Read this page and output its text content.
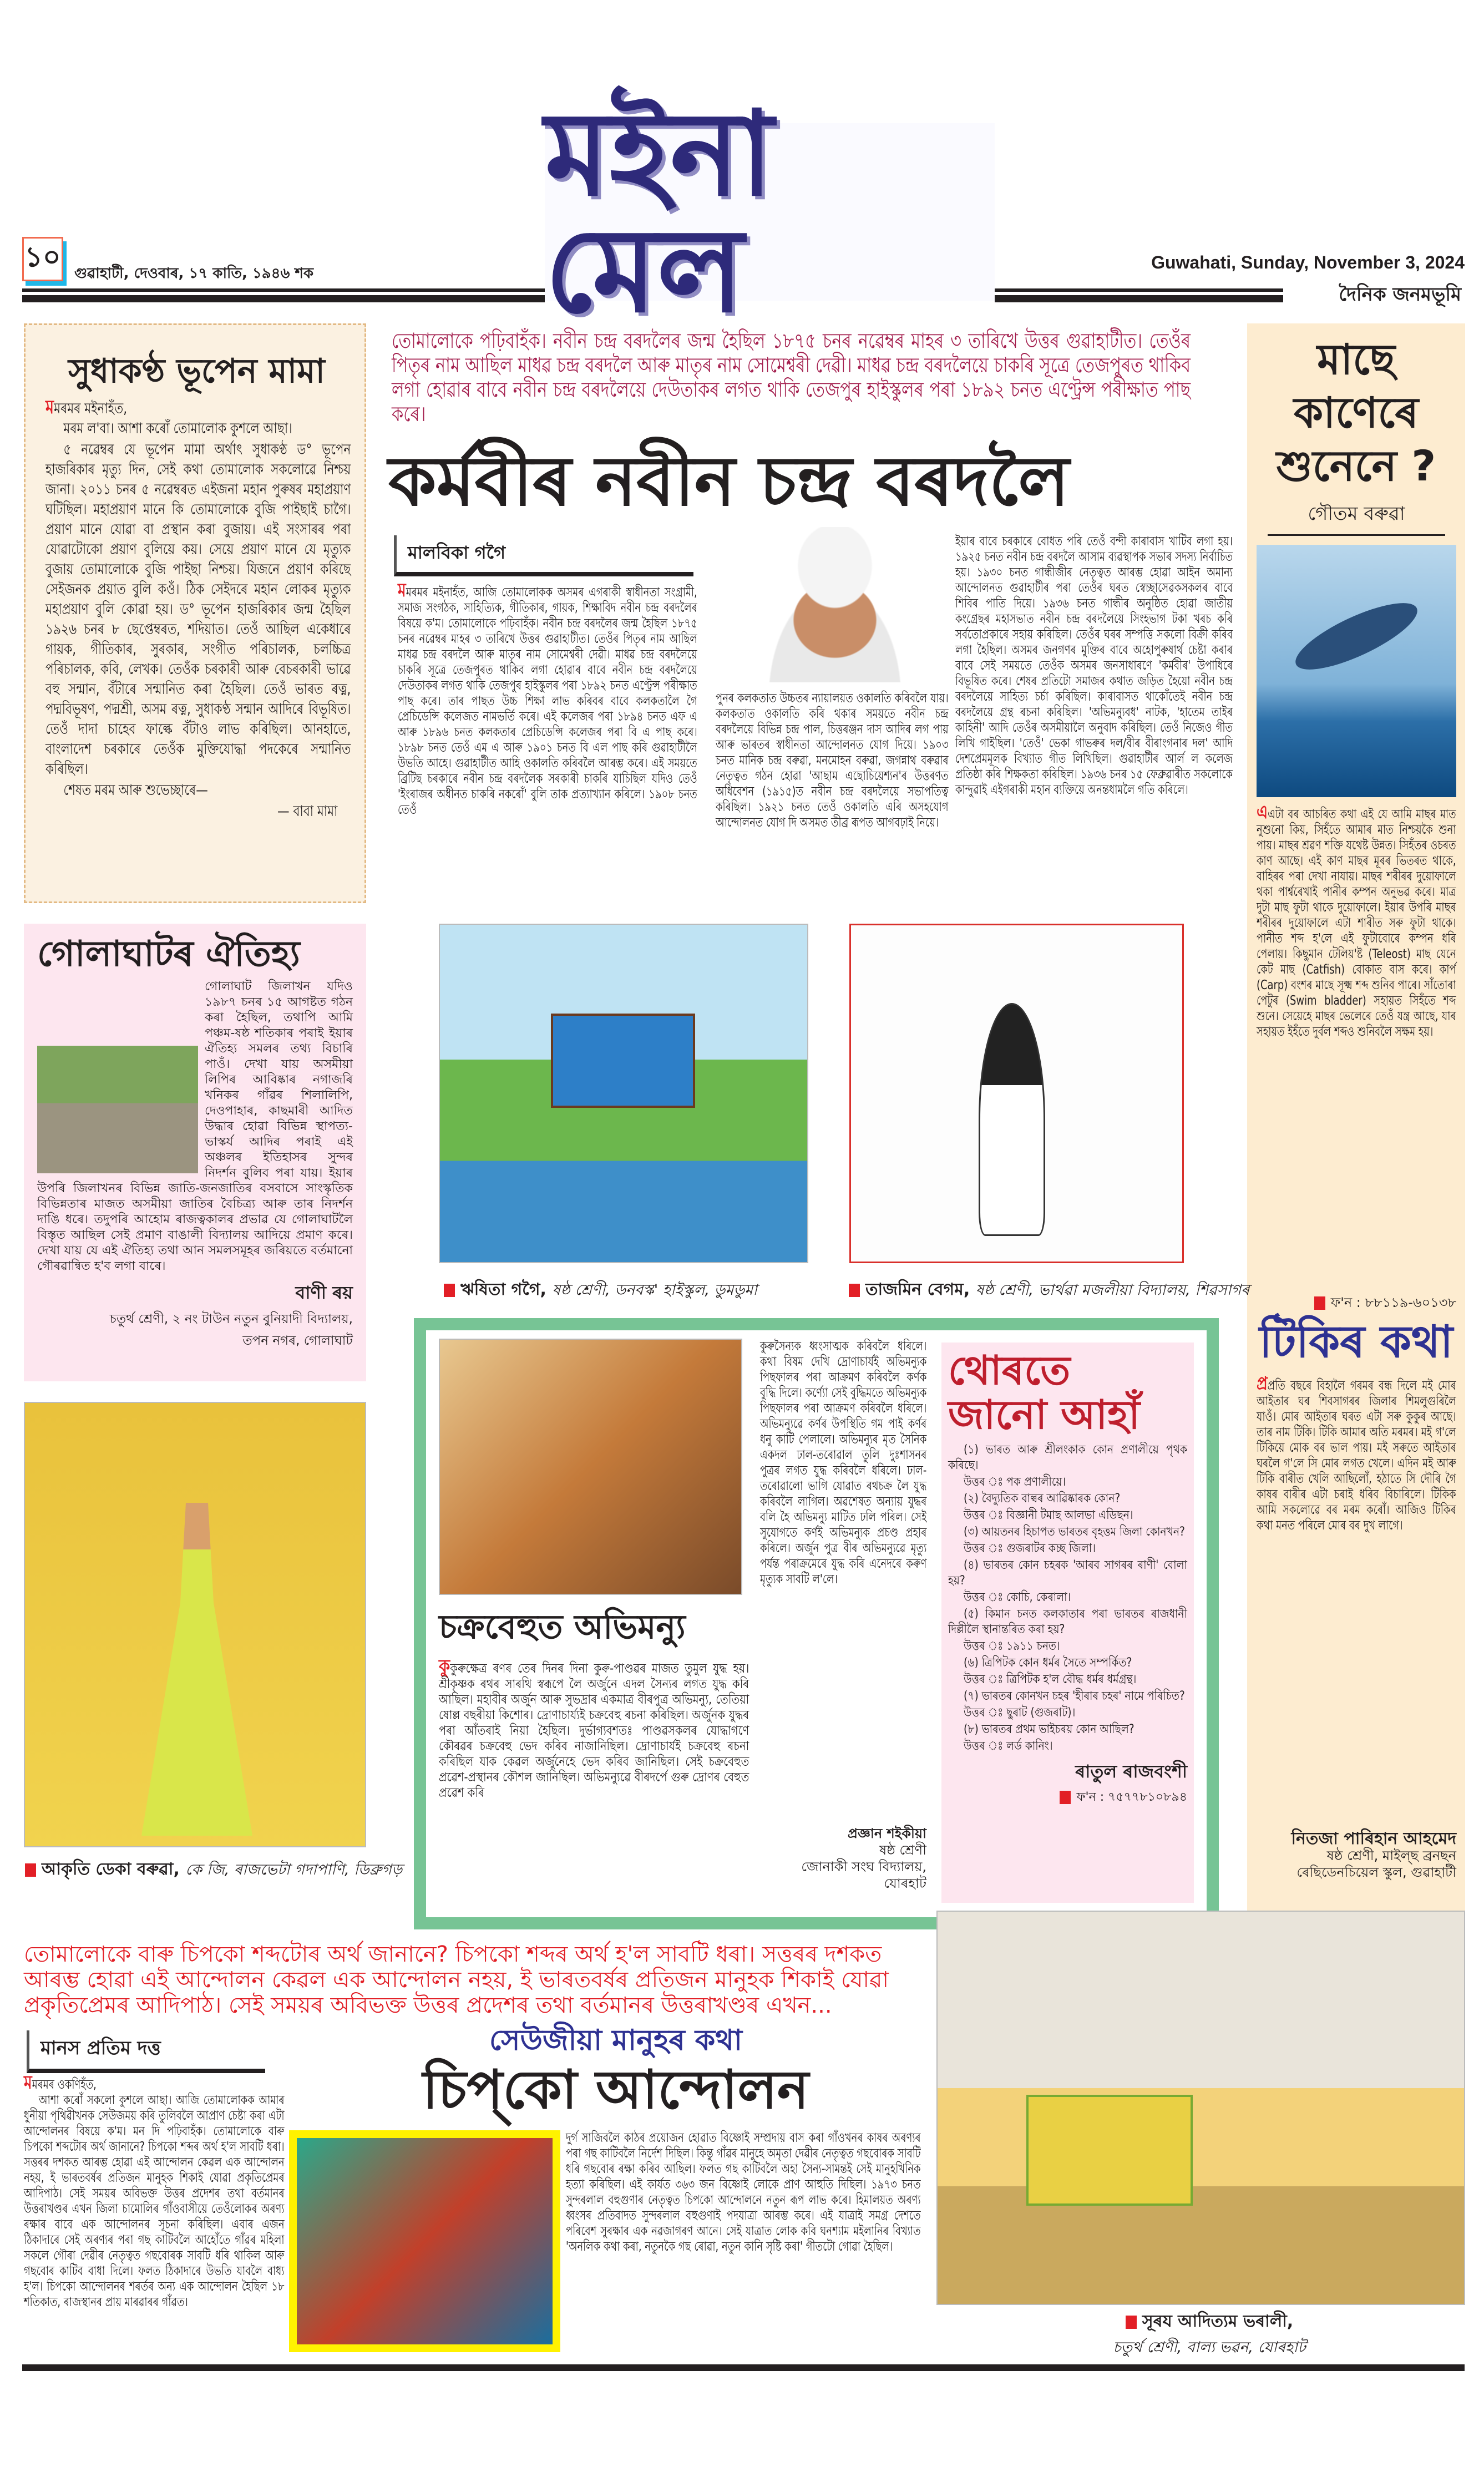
মইনা মেল
১০
গুৱাহাটী, দেওবাৰ, ১৭ কাতি, ১৯৪৬ শক
Guwahati, Sunday, November 3, 2024
দৈনিক জনমভূমি
সুধাকণ্ঠ ভূপেন মামা
মমৰমৰ মইনাহঁত,

মৰম ল'বা। আশা কৰোঁ তোমালোক কুশলে আছা।

৫ নৱেম্বৰ যে ভূপেন মামা অৰ্থাৎ সুধাকণ্ঠ ড° ভূপেন হাজৰিকাৰ মৃত্যু দিন, সেই কথা তোমালোক সকলোৱে নিশ্চয় জানা। ২০১১ চনৰ ৫ নৱেম্বৰত এইজনা মহান পুৰুষৰ মহাপ্ৰয়াণ ঘটিছিল। মহাপ্ৰয়াণ মানে কি তোমালোকে বুজি পাইছাই চাগৈ। প্ৰয়াণ মানে যোৱা বা প্ৰস্থান কৰা বুজায়। এই সংসাৰৰ পৰা যোৱাটোকো প্ৰয়াণ বুলিয়ে কয়। সেয়ে প্ৰয়াণ মানে যে মৃত্যুক বুজায় তোমালোকে বুজি পাইছা নিশ্চয়। যিজনে প্ৰয়াণ কৰিছে সেইজনক প্ৰয়াত বুলি কওঁ। ঠিক সেইদৰে মহান লোকৰ মৃত্যুক মহাপ্ৰয়াণ বুলি কোৱা হয়। ড° ভূপেন হাজৰিকাৰ জন্ম হৈছিল ১৯২৬ চনৰ ৮ ছেপ্তেম্বৰত, শদিয়াত। তেওঁ আছিল একেধাৰে গায়ক, গীতিকাৰ, সুৰকাৰ, সংগীত পৰিচালক, চলচ্চিত্ৰ পৰিচালক, কবি, লেখক। তেওঁক চৰকাৰী আৰু বেচৰকাৰী ভাৱে বহু সন্মান, বঁটাৰে সন্মানিত কৰা হৈছিল। তেওঁ ভাৰত ৰত্ন, পদ্মবিভূষণ, পদ্মশ্ৰী, অসম ৰত্ন, সুধাকণ্ঠ সন্মান আদিৰে বিভূষিত। তেওঁ দাদা চাহেব ফাল্কে বঁটাও লাভ কৰিছিল। আনহাতে, বাংলাদেশ চৰকাৰে তেওঁক মুক্তিযোদ্ধা পদকেৰে সন্মানিত কৰিছিল।

শেষত মৰম আৰু শুভেচ্ছাৰে—

— বাবা মামা
তোমালোকে পঢ়িবাহঁক। নবীন চন্দ্ৰ বৰদলৈৰ জন্ম হৈছিল ১৮৭৫ চনৰ নৱেম্বৰ মাহৰ ৩ তাৰিখে উত্তৰ গুৱাহাটীত। তেওঁৰ পিতৃৰ নাম আছিল মাধৱ চন্দ্ৰ বৰদলৈ আৰু মাতৃৰ নাম সোমেশ্বৰী দেৱী। মাধৱ চন্দ্ৰ বৰদলৈয়ে চাকৰি সূত্ৰে তেজপুৰত থাকিব লগা হোৱাৰ বাবে নবীন চন্দ্ৰ বৰদলৈয়ে দেউতাকৰ লগত থাকি তেজপুৰ হাইস্কুলৰ পৰা ১৮৯২ চনত এণ্ট্ৰেন্স পৰীক্ষাত পাছ কৰে।
কৰ্মবীৰ নবীন চন্দ্ৰ বৰদলৈ
মালবিকা গগৈ
মমৰমৰ মইনাহঁত, আজি তোমালোকক অসমৰ এগৰাকী স্বাধীনতা সংগ্ৰামী, সমাজ সংগঠক, সাহিত্যিক, গীতিকাৰ, গায়ক, শিক্ষাবিদ নবীন চন্দ্ৰ বৰদলৈৰ বিষয়ে ক'ম। তোমালোকে পঢ়িবাহঁক। নবীন চন্দ্ৰ বৰদলৈৰ জন্ম হৈছিল ১৮৭৫ চনৰ নৱেম্বৰ মাহৰ ৩ তাৰিখে উত্তৰ গুৱাহাটীত। তেওঁৰ পিতৃৰ নাম আছিল মাধৱ চন্দ্ৰ বৰদলৈ আৰু মাতৃৰ নাম সোমেশ্বৰী দেৱী। মাধৱ চন্দ্ৰ বৰদলৈয়ে চাকৰি সূত্ৰে তেজপুৰত থাকিব লগা হোৱাৰ বাবে নবীন চন্দ্ৰ বৰদলৈয়ে দেউতাকৰ লগত থাকি তেজপুৰ হাইস্কুলৰ পৰা ১৮৯২ চনত এণ্ট্ৰেন্স পৰীক্ষাত পাছ কৰে। তাৰ পাছত উচ্চ শিক্ষা লাভ কৰিবৰ বাবে কলকতালৈ গৈ প্ৰেচিডেন্সি কলেজত নামভৰ্তি কৰে। এই কলেজৰ পৰা ১৮৯৪ চনত এফ এ আৰু ১৮৯৬ চনত কলকতাৰ প্ৰেচিডেন্সি কলেজৰ পৰা বি এ পাছ কৰে। ১৮৯৮ চনত তেওঁ এম এ আৰু ১৯০১ চনত বি এল পাছ কৰি গুৱাহাটীলৈ উভতি আহে। গুৱাহাটীত আহি ওকালতি কৰিবলৈ আৰম্ভ কৰে। এই সময়তে ব্ৰিটিছ চৰকাৰে নবীন চন্দ্ৰ বৰদলৈক সৰকাৰী চাকৰি যাচিছিল যদিও তেওঁ 'ইংৰাজৰ অধীনত চাকৰি নকৰোঁ' বুলি তাক প্ৰত্যাখ্যান কৰিলে। ১৯০৮ চনত তেওঁ
পুনৰ কলকতাত উচ্চতৰ ন্যায়ালয়ত ওকালতি কৰিবলৈ যায়। কলকতাত ওকালতি কৰি থকাৰ সময়তে নবীন চন্দ্ৰ বৰদলৈয়ে বিভিন্ন চন্দ্ৰ পাল, চিত্তৰঞ্জন দাস আদিৰ লগ পায় আৰু ভাৰতৰ স্বাধীনতা আন্দোলনত যোগ দিয়ে। ১৯০৩ চনত মানিক চন্দ্ৰ বৰুৱা, মনমোহন বৰুৱা, জগন্নাথ বৰুৱাৰ নেতৃত্বত গঠন হোৱা 'আছাম এছোচিয়েশ্যন'ৰ উত্তৰণত অধিবেশন (১৯১৫)ত নবীন চন্দ্ৰ বৰদলৈয়ে সভাপতিত্ব কৰিছিল। ১৯২১ চনত তেওঁ ওকালতি এৰি অসহযোগ আন্দোলনত যোগ দি অসমত তীব্ৰ ৰূপত আগবঢ়াই নিয়ে।
ইয়াৰ বাবে চৰকাৰে বোধত পৰি তেওঁ বন্দী কাৰাবাস খাটিব লগা হয়। ১৯২৫ চনত নবীন চন্দ্ৰ বৰদলৈ আসাম ব্যৱস্থাপক সভাৰ সদস্য নিৰ্বাচিত হয়। ১৯৩০ চনত গান্ধীজীৰ নেতৃত্বত আৰম্ভ হোৱা আইন অমান্য আন্দোলনত গুৱাহাটীৰ পৰা তেওঁৰ ঘৰত স্বেচ্ছাসেৱকসকলৰ বাবে শিবিৰ পাতি দিয়ে। ১৯৩৬ চনত গান্ধীৰ অনুষ্ঠিত হোৱা জাতীয় কংগ্ৰেছৰ মহাসভাত নবীন চন্দ্ৰ বৰদলৈয়ে সিংহভাগ টকা খৰচ কৰি সৰ্বতোপ্ৰকাৰে সহায় কৰিছিল। তেওঁৰ ঘৰৰ সম্পত্তি সকলো বিক্ৰী কৰিব লগা হৈছিল। অসমৰ জনগণৰ মুক্তিৰ বাবে অহোপুৰুষাৰ্থ চেষ্টা কৰাৰ বাবে সেই সময়তে তেওঁক অসমৰ জনসাধাৰণে 'কৰ্মবীৰ' উপাধিৰে বিভূষিত কৰে। শেষৰ প্ৰতিটো সমাজৰ কথাত জড়িত হৈয়ো নবীন চন্দ্ৰ বৰদলৈয়ে সাহিত্য চৰ্চা কৰিছিল। কাৰাবাসত থাকোঁতেই নবীন চন্দ্ৰ বৰদলৈয়ে গ্ৰন্থ ৰচনা কৰিছিল। 'অভিমন্যুবধ' নাটক, 'হাতেম তাইৰ কাহিনী' আদি তেওঁৰ অসমীয়ালৈ অনুবাদ কৰিছিল। তেওঁ নিজেও গীত লিখি গাইছিল। 'তেওঁ' ভেকা গাভৰুৰ দল/বীৰ বীৰাংগনাৰ দল' আদি দেশপ্ৰেমমূলক বিখ্যাত গীত লিখিছিল। গুৱাহাটীৰ আৰ্ল ল কলেজ প্ৰতিষ্ঠা কৰি শিক্ষকতা কৰিছিল। ১৯৩৬ চনৰ ১৫ ফেব্ৰুৱাৰীত সকলোকে কান্দুৱাই এইগৰাকী মহান ব্যক্তিয়ে অনন্তধামলৈ গতি কৰিলে।
মাছে
কাণেৰে
শুনেনে ?
গৌতম বৰুৱা
এএটা বৰ আচৰিত কথা এই যে আমি মাছৰ মাত নুশুনো কিয়, সিহঁতে আমাৰ মাত নিশ্চয়কৈ শুনা পায়। মাছৰ শ্ৰৱণ শক্তি যথেষ্ট উন্নত। সিহঁতৰ ওচৰত কাণ আছে। এই কাণ মাছৰ মূৰৰ ভিতৰত থাকে, বাহিৰৰ পৰা দেখা নাযায়। মাছৰ শৰীৰৰ দুয়োফালে থকা পাৰ্শ্বৰেখাই পানীৰ কম্পন অনুভৱ কৰে। মাত্ৰ দুটা মাছ ফুটা থাকে দুয়োফালে। ইয়াৰ উপৰি মাছৰ শৰীৰৰ দুয়োফালে এটা শাৰীত সৰু ফুটা থাকে। পানীত শব্দ হ'লে এই ফুটাবোৰে কম্পন ধৰি পেলায়। কিছুমান টেলিয়'ষ্ট (Teleost) মাছ যেনে কেট মাছ (Catfish) বোকাত বাস কৰে। কাৰ্প (Carp) বংশৰ মাছে সূক্ষ্ম শব্দ শুনিব পাৰে। সাঁতোৰা পেটুৰ (Swim bladder) সহায়ত সিহঁতে শব্দ শুনে। সেয়েহে মাছৰ ভেলেৰে তেওঁ যন্ত্ৰ আছে, যাৰ সহায়ত ইহঁতে দুৰ্বল শব্দও শুনিবলৈ সক্ষম হয়।
ফ'ন : ৮৮১১৯-৬০১৩৮
টিকিৰ কথা
প্ৰপ্ৰতি বছৰে বিহালৈ গৰমৰ বন্ধ দিলে মই মোৰ আইতাৰ ঘৰ শিবসাগৰৰ জিলাৰ শিমলুগুৰিলৈ যাওঁ। মোৰ আইতাৰ ঘৰত এটা সৰু কুকুৰ আছে। তাৰ নাম টিকি। টিকি আমাৰ অতি মৰমৰ। মই গ'লে টিকিয়ে মোক বৰ ভাল পায়। মই সৰুতে আইতাৰ ঘৰলৈ গ'লে সি মোৰ লগত খেলে। এদিন মই আৰু টিকি বাৰীত খেলি আছিলোঁ, হঠাতে সি দৌৰি গৈ কাষৰ বাৰীৰ এটা চৰাই ধৰিব বিচাৰিলে। টিকিক আমি সকলোৱে বৰ মৰম কৰোঁ। আজিও টিকিৰ কথা মনত পৰিলে মোৰ বৰ দুখ লাগে।
নিতজা পাৰিহান আহমেদ
ষষ্ঠ শ্ৰেণী, মাইল্‌ছ ব্ৰনছন ৰেছিডেনচিয়েল স্কুল, গুৱাহাটী
গোলাঘাটৰ ঐতিহ্য
গোলাঘাট জিলাখন যদিও ১৯৮৭ চনৰ ১৫ আগষ্টত গঠন কৰা হৈছিল, তথাপি আমি পঞ্চম-ষষ্ঠ শতিকাৰ পৰাই ইয়াৰ ঐতিহ্য সমলৰ তথ্য বিচাৰি পাওঁ। দেখা যায় অসমীয়া লিপিৰ আবিষ্কাৰ নগাজৰি খনিকৰ গাঁৱৰ শিলালিপি, দেওপাহাৰ, কাছমাৰী আদিত উদ্ধাৰ হোৱা বিভিন্ন স্থাপত্য-ভাস্কৰ্য আদিৰ পৰাই এই অঞ্চলৰ ইতিহাসৰ সুন্দৰ নিদৰ্শন বুলিব পৰা যায়। ইয়াৰ উপৰি জিলাখনৰ বিভিন্ন জাতি-জনজাতিৰ বসবাসে সাংস্কৃতিক বিভিন্নতাৰ মাজত অসমীয়া জাতিৰ বৈচিত্ৰ্য আৰু তাৰ নিদৰ্শন দাঙি ধৰে। তদুপৰি আহোম ৰাজত্বকালৰ প্ৰভাৱ যে গোলাঘাটলৈ বিস্তৃত আছিল সেই প্ৰমাণ বাঙালী বিদ্যালয় আদিয়ে প্ৰমাণ কৰে। দেখা যায় যে এই ঐতিহ্য তথা আন সমলসমূহৰ জৰিয়তে বৰ্তমানো গৌৰৱান্বিত হ'ব লগা বাৰে।
বাণী ৰয়
চতুৰ্থ শ্ৰেণী, ২ নং টাউন নতুন বুনিয়াদী বিদ্যালয়,
তপন নগৰ, গোলাঘাট
ঋষিতা গগৈ, ষষ্ঠ শ্ৰেণী, ডনবস্ক' হাইস্কুল, ডুমডুমা	তাজমিন বেগম, ষষ্ঠ শ্ৰেণী, ভাৰ্থৱা মজলীয়া বিদ্যালয়, শিৱসাগৰ
আকৃতি ডেকা বৰুৱা, কে জি, ৰাজভেটা গদাপাণি, ডিব্ৰুগড়
চক্ৰবেহুত অভিমন্যু
কুকুৰুক্ষেত্ৰ ৰণৰ তেৰ দিনৰ দিনা কুৰু-পাণ্ডৱৰ মাজত তুমুল যুদ্ধ হয়। শ্ৰীকৃষ্ণক ৰথৰ সাৰথি স্বৰূপে লৈ অৰ্জুনে এদল সৈন্যৰ লগত যুদ্ধ কৰি আছিল। মহাবীৰ অৰ্জুন আৰু সুভদ্ৰাৰ একমাত্ৰ বীৰপুত্ৰ অভিমন্যু, তেতিয়া ষোল্ল বছৰীয়া কিশোৰ। দ্ৰোণাচাৰ্য্যই চক্ৰবেহু ৰচনা কৰিছিল। অৰ্জুনক যুদ্ধৰ পৰা আঁতৰাই নিয়া হৈছিল। দুৰ্ভাগ্যবশতঃ পাণ্ডৱসকলৰ যোদ্ধাগণে কৌৰৱৰ চক্ৰবেহু ভেদ কৰিব নাজানিছিল। দ্ৰোণাচাৰ্যই চক্ৰবেহু ৰচনা কৰিছিল যাক কেৱল অৰ্জুনেহে ভেদ কৰিব জানিছিল। সেই চক্ৰবেহুত প্ৰৱেশ-প্ৰস্থানৰ কৌশল জানিছিল। অভিমন্যুৱে বীৰদৰ্পে গুৰু দ্ৰোণৰ বেহুত প্ৰৱেশ কৰি
কুৰুসৈন্যক ধ্বংসাত্মক কৰিবলৈ ধৰিলে। কথা বিষম দেখি দ্ৰোণাচাৰ্যই অভিমন্যুক পিছফালৰ পৰা আক্ৰমণ কৰিবলৈ কৰ্ণক বুদ্ধি দিলে। কৰ্ণ্যো সেই বুদ্ধিমতে অভিমন্যুক পিছফালৰ পৰা আক্ৰমণ কৰিবলৈ ধৰিলে। অভিমন্যুৱে কৰ্ণৰ উপস্থিতি গম পাই কৰ্ণৰ ধনু কাটি পেলালে। অভিমন্যুৰ মৃত সৈনিক একদল ঢাল-তৰোৱাল তুলি দুঃশাসনৰ পুত্ৰৰ লগত যুদ্ধ কৰিবলৈ ধৰিলে। ঢাল-তৰোৱালো ভাগি যোৱাত ৰথচক্ৰ লৈ যুদ্ধ কৰিবলৈ লাগিল। অৱশেষত অন্যায় যুদ্ধৰ বলি হৈ অভিমন্যু মাটিত ঢলি পৰিল। সেই সুযোগতে কৰ্ণই অভিমন্যুক প্ৰচণ্ড প্ৰহাৰ কৰিলে। অৰ্জুন পুত্ৰ বীৰ অভিমন্যুৱে মৃত্যু পৰ্যন্ত পৰাক্ৰমেৰে যুদ্ধ কৰি এনেদৰে কৰুণ মৃত্যুক সাবটি ল'লে।
প্ৰজ্ঞান শইকীয়া
ষষ্ঠ শ্ৰেণী
জোনাকী সংঘ বিদ্যালয়,
যোৰহাট
থোৰতে
জানো আহাঁ

(১) ভাৰত আৰু শ্ৰীলংকাক কোন প্ৰণালীয়ে পৃথক কৰিছে।

উত্তৰ ঃ পক প্ৰণালীয়ে।

(২) বৈদ্যুতিক বাল্বৰ আৱিষ্কাৰক কোন?

উত্তৰ ঃ বিজ্ঞানী টমাছ আলভা এডিছন।

(৩) আয়তনৰ হিচাপত ভাৰতৰ বৃহত্তম জিলা কোনখন?

উত্তৰ ঃ গুজৰাটৰ কচ্ছ জিলা।

(৪) ভাৰতৰ কোন চহৰক 'আৰব সাগৰৰ ৰাণী' বোলা হয়?

উত্তৰ ঃ কোচি, কেৰালা।

(৫) কিমান চনত কলকাতাৰ পৰা ভাৰতৰ ৰাজধানী দিল্লীলৈ স্থানান্তৰিত কৰা হয়?

উত্তৰ ঃ ১৯১১ চনত।

(৬) ত্ৰিপিটক কোন ধৰ্মৰ সৈতে সম্পৰ্কিত?

উত্তৰ ঃ ত্ৰিপিটক হ'ল বৌদ্ধ ধৰ্মৰ ধৰ্মগ্ৰন্থ।

(৭) ভাৰতৰ কোনখন চহৰ 'হীৰাৰ চহৰ' নামে পৰিচিত?

উত্তৰ ঃ ছুৰাট (গুজৰাট)।

(৮) ভাৰতৰ প্ৰথম ভাইচৰয় কোন আছিল?

উত্তৰ ঃ লৰ্ড কানিং।

ৰাতুল ৰাজবংশী
ফ'ন : ৭৫৭৭৮১০৮৯৪
তোমালোকে বাৰু চিপকো শব্দটোৰ অৰ্থ জানানে? চিপকো শব্দৰ অৰ্থ হ'ল সাবটি ধৰা। সত্তৰৰ দশকত আৰম্ভ হোৱা এই আন্দোলন কেৱল এক আন্দোলন নহয়, ই ভাৰতবৰ্ষৰ প্ৰতিজন মানুহক শিকাই যোৱা প্ৰকৃতিপ্ৰেমৰ আদিপাঠ। সেই সময়ৰ অবিভক্ত উত্তৰ প্ৰদেশৰ তথা বৰ্তমানৰ উত্তৰাখণ্ডৰ এখন...
সূৰয আদিত্যম ভৰালী,
চতুৰ্থ শ্ৰেণী, বাল্য ভৱন, যোৰহাট
মানস প্ৰতিম দত্ত	সেউজীয়া মানুহৰ কথা
চিপ্‌কো আন্দোলন
মমৰমৰ ওকণিহঁত,

আশা কৰোঁ সকলো কুশলে আছা। আজি তোমালোকক আমাৰ ধুনীয়া পৃথিৱীখনক সেউজময় কৰি তুলিবলৈ আপ্ৰাণ চেষ্টা কৰা এটা আন্দোলনৰ বিষয়ে ক'ম। মন দি পঢ়িবাহঁক। তোমালোকে বাৰু চিপকো শব্দটোৰ অৰ্থ জানানে? চিপকো শব্দৰ অৰ্থ হ'ল সাবটি ধৰা। সত্তৰৰ দশকত আৰম্ভ হোৱা এই আন্দোলন কেৱল এক আন্দোলন নহয়, ই ভাৰতবৰ্ষৰ প্ৰতিজন মানুহক শিকাই যোৱা প্ৰকৃতিপ্ৰেমৰ আদিপাঠ। সেই সময়ৰ অবিভক্ত উত্তৰ প্ৰদেশৰ তথা বৰ্তমানৰ উত্তৰাখণ্ডৰ এখন জিলা চামোলিৰ গাঁওবাসীয়ে তেওঁলোকৰ অৰণ্য ৰক্ষাৰ বাবে এক আন্দোলনৰ সূচনা কৰিছিল। এবাৰ এজন ঠিকাদাৰে সেই অৰণ্যৰ পৰা গছ কাটিবলৈ আহোঁতে গাঁৱৰ মহিলা সকলে গৌৰা দেৱীৰ নেতৃত্বত গছবোৰক সাবটি ধৰি থাকিল আৰু গছবোৰ কাটিব বাধা দিলে। ফলত ঠিকাদাৰে উভতি যাবলৈ বাধ্য হ'ল। চিপকো আন্দোলনৰ শৰৰ্তৰ অন্য এক আন্দোলন হৈছিল ১৮ শতিকাত, ৰাজস্থানৰ প্ৰায় মাৰৱাৰৰ গাঁৱত।

দুৰ্গ সাজিবলৈ কাঠৰ প্ৰয়োজন হোৱাত বিষ্ণোই সম্প্ৰদায় বাস কৰা গাঁওখনৰ কাষৰ অৰণ্যৰ পৰা গছ কাটিবলৈ নিৰ্দেশ দিছিল। কিন্তু গাঁৱৰ মানুহে অমৃতা দেৱীৰ নেতৃত্বত গছবোৰক সাবটি ধৰি গছবোৰ ৰক্ষা কৰিব আছিল। ফলত গছ কাটিবলৈ অহা সৈন্য-সামন্তই সেই মানুহখিনিক হত্যা কৰিছিল। এই কাৰ্যত ৩৬৩ জন বিষ্ণোই লোকে প্ৰাণ আহুতি দিছিল। ১৯৭৩ চনত সুন্দৰলাল বহুগুণাৰ নেতৃত্বত চিপকো আন্দোলনে নতুন ৰূপ লাভ কৰে। হিমালয়ত অৰণ্য ধ্বংসৰ প্ৰতিবাদত সুন্দৰলাল বহুগুণাই পদযাত্ৰা আৰম্ভ কৰে। এই যাত্ৰাই সমগ্ৰ দেশতে পৰিবেশ সুৰক্ষাৰ এক নৱজাগৰণ আনে। সেই যাত্ৰাত লোক কবি ঘনশ্যাম মইলানিৰ বিখ্যাত 'অনলিক কথা কৰা, নতুনকৈ গছ ৰোৱা, নতুন কানি সৃষ্টি কৰা' গীতটো গোৱা হৈছিল।
